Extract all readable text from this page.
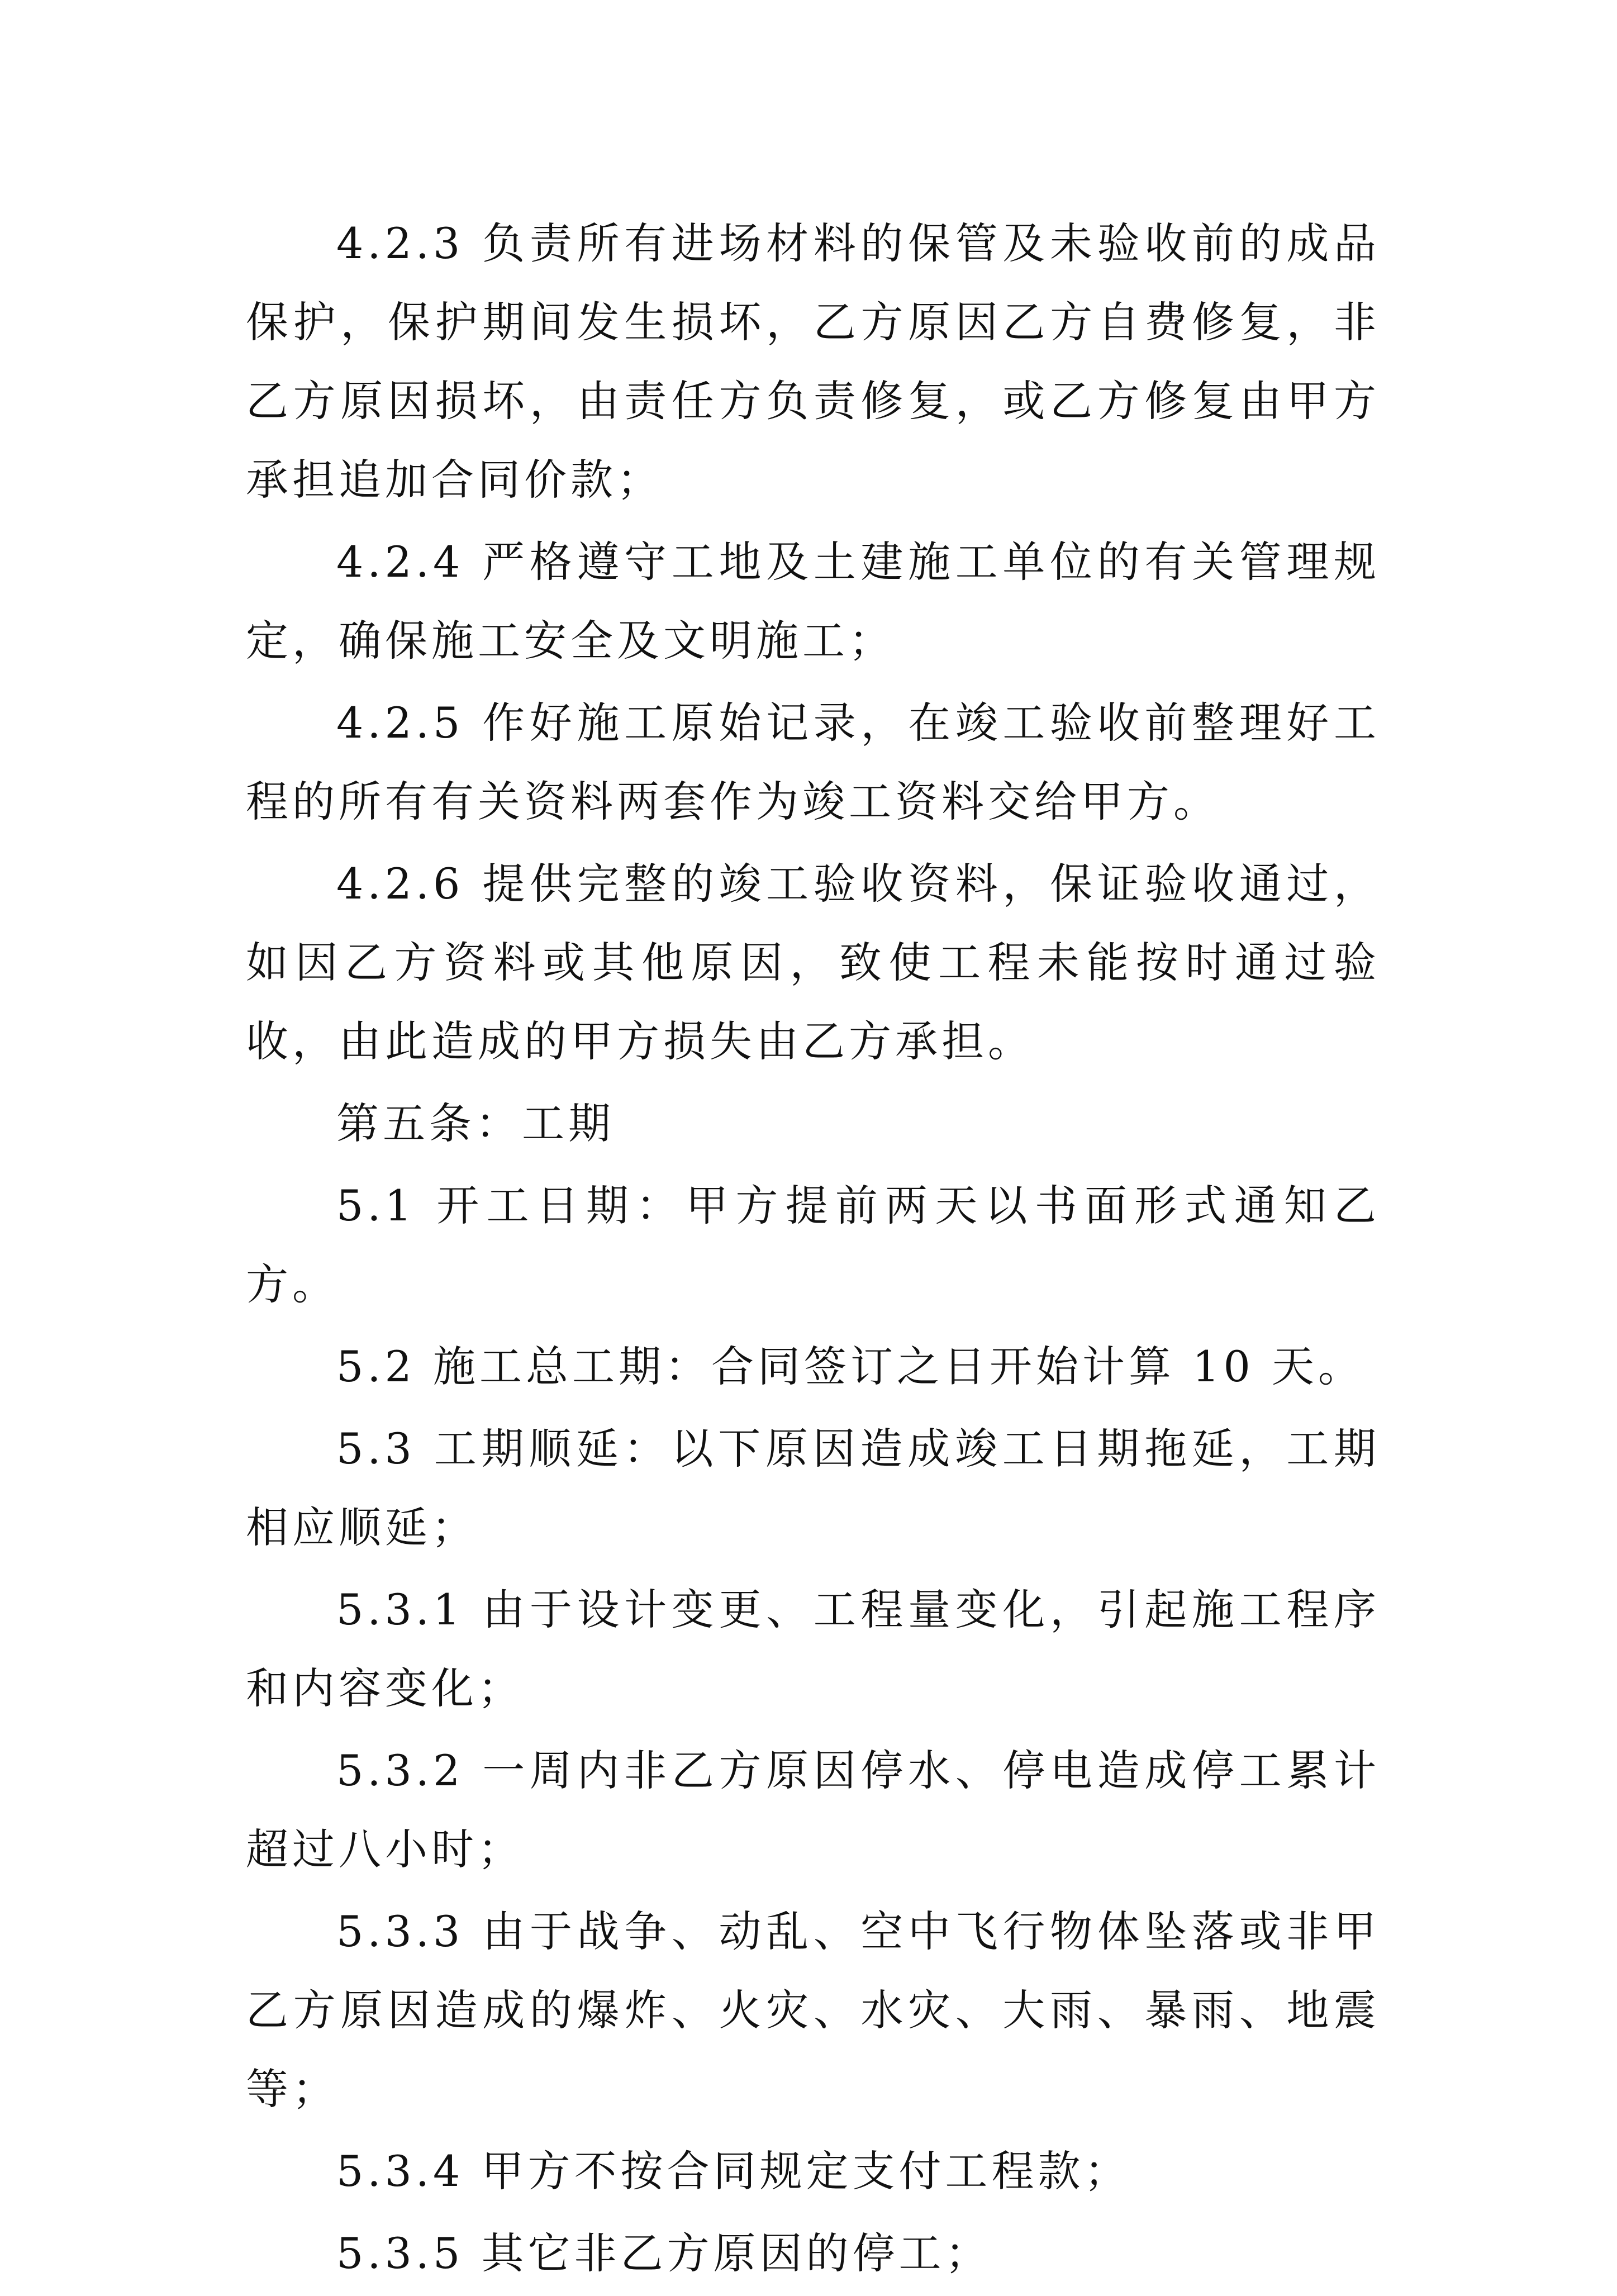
4.2.3 负责所有进场材料的保管及未验收前的成品保护，保护期间发生损坏，乙方原因乙方自费修复，非乙方原因损坏，由责任方负责修复，或乙方修复由甲方承担追加合同价款；

4.2.4 严格遵守工地及土建施工单位的有关管理规定，确保施工安全及文明施工；

4.2.5 作好施工原始记录，在竣工验收前整理好工程的所有有关资料两套作为竣工资料交给甲方。

4.2.6 提供完整的竣工验收资料，保证验收通过，如因乙方资料或其他原因，致使工程未能按时通过验收，由此造成的甲方损失由乙方承担。

第五条：工期

5.1 开工日期：甲方提前两天以书面形式通知乙方。

5.2 施工总工期：合同签订之日开始计算 10 天。

5.3 工期顺延：以下原因造成竣工日期拖延，工期相应顺延；

5.3.1 由于设计变更、工程量变化，引起施工程序和内容变化；

5.3.2 一周内非乙方原因停水、停电造成停工累计超过八小时；

5.3.3 由于战争、动乱、空中飞行物体坠落或非甲乙方原因造成的爆炸、火灾、水灾、大雨、暴雨、地震等；

5.3.4 甲方不按合同规定支付工程款；

5.3.5 其它非乙方原因的停工；
